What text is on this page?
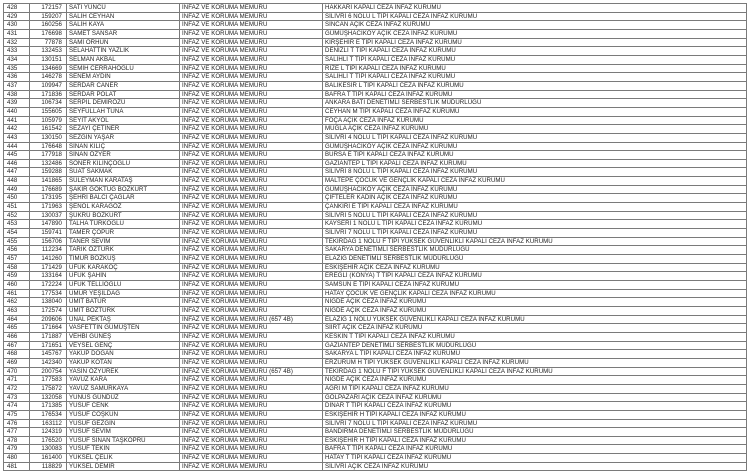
428	172157	SATI YÜNCÜ	İNFAZ VE KORUMA MEMURU	HAKKARİ KAPALI CEZA İNFAZ KURUMU
429	159207	SALİH CEYHAN	İNFAZ VE KORUMA MEMURU	SİLİVRİ 6 NOLU L TİPİ KAPALI CEZA İNFAZ KURUMU
430	160256	SALİH KAYA	İNFAZ VE KORUMA MEMURU	SİNCAN AÇIK CEZA İNFAZ KURUMU
431	176698	SAMET SANSAR	İNFAZ VE KORUMA MEMURU	GÜMÜŞHACIKÖY AÇIK CEZA İNFAZ KURUMU
432	77878	SAMİ ORHUN	İNFAZ VE KORUMA MEMURU	KIRŞEHİR E TİPİ KAPALI CEZA İNFAZ KURUMU
433	132453	SELAHATTİN YAZLIK	İNFAZ VE KORUMA MEMURU	DENİZLİ T TİPİ KAPALI CEZA İNFAZ KURUMU
434	130151	SELMAN AKBAL	İNFAZ VE KORUMA MEMURU	SALİHLİ T TİPİ KAPALI CEZA İNFAZ KURUMU
435	134669	SEMİH CERRAHOĞLU	İNFAZ VE KORUMA MEMURU	RİZE L TİPİ KAPALI CEZA İNFAZ KURUMU
436	146278	SENEM AYDIN	İNFAZ VE KORUMA MEMURU	SALİHLİ T TİPİ KAPALI CEZA İNFAZ KURUMU
437	109947	SERDAR CANER	İNFAZ VE KORUMA MEMURU	BALIKESİR L TİPİ KAPALI CEZA İNFAZ KURUMU
438	171836	SERDAR POLAT	İNFAZ VE KORUMA MEMURU	BAFRA T TİPİ KAPALI CEZA İNFAZ KURUMU
439	106734	SERPİL DEMİRÖZÜ	İNFAZ VE KORUMA MEMURU	ANKARA BATI DENETİMLİ SERBESTLİK MÜDÜRLÜĞÜ
440	155605	SEYFULLAH TUNA	İNFAZ VE KORUMA MEMURU	CEYHAN M TİPİ KAPALI CEZA İNFAZ KURUMU
441	105979	SEYİT AKYOL	İNFAZ VE KORUMA MEMURU	FOÇA AÇIK CEZA İNFAZ KURUMU
442	161542	SEZAYİ ÇETİNER	İNFAZ VE KORUMA MEMURU	MUĞLA AÇIK CEZA İNFAZ KURUMU
443	130150	SEZGİN YAŞAR	İNFAZ VE KORUMA MEMURU	SİLİVRİ 4 NOLU L TİPİ KAPALI CEZA İNFAZ KURUMU
444	176648	SİNAN KILIÇ	İNFAZ VE KORUMA MEMURU	GÜMÜŞHACIKÖY AÇIK CEZA İNFAZ KURUMU
445	177918	SİNAN ÖZYER	İNFAZ VE KORUMA MEMURU	BURSA E TİPİ KAPALI CEZA İNFAZ KURUMU
446	132486	SONER KILINÇOĞLU	İNFAZ VE KORUMA MEMURU	GAZİANTEP L TİPİ KAPALI CEZA İNFAZ KURUMU
447	159288	SUAT SAKMAK	İNFAZ VE KORUMA MEMURU	SİLİVRİ 8 NOLU L TİPİ KAPALI CEZA İNFAZ KURUMU
448	141865	SÜLEYMAN KARATAŞ	İNFAZ VE KORUMA MEMURU	MALTEPE ÇOCUK VE GENÇLİK KAPALI CEZA İNFAZ KURUMU
449	176689	ŞAKİR GÖKTUĞ BOZKURT	İNFAZ VE KORUMA MEMURU	GÜMÜŞHACIKÖY AÇIK CEZA İNFAZ KURUMU
450	173195	ŞEHRİ BALCI ÇAĞLAR	İNFAZ VE KORUMA MEMURU	ÇİFTELER KADIN AÇIK CEZA İNFAZ KURUMU
451	171963	ŞENOL KARAGÖZ	İNFAZ VE KORUMA MEMURU	ÇANKIRI E TİPİ KAPALI CEZA İNFAZ KURUMU
452	130037	ŞÜKRÜ BOZKURT	İNFAZ VE KORUMA MEMURU	SİLİVRİ 5 NOLU L TİPİ KAPALI CEZA İNFAZ KURUMU
453	147890	TALHA TÜRKOĞLU	İNFAZ VE KORUMA MEMURU	KAYSERİ 1 NOLU L TİPİ KAPALI CEZA İNFAZ KURUMU
454	159741	TAMER ÇOPUR	İNFAZ VE KORUMA MEMURU	SİLİVRİ 7 NOLU L TİPİ KAPALI CEZA İNFAZ KURUMU
455	156706	TANER SEVİM	İNFAZ VE KORUMA MEMURU	TEKİRDAĞ 1 NOLU F TİPİ YÜKSEK GÜVENLİKLİ KAPALI CEZA İNFAZ KURUMU
456	112234	TARIK ÖZTÜRK	İNFAZ VE KORUMA MEMURU	SAKARYA DENETİMLİ SERBESTLİK MÜDÜRLÜĞÜ
457	141260	TİMUR BOZKUŞ	İNFAZ VE KORUMA MEMURU	ELAZIĞ DENETİMLİ SERBESTLİK MÜDÜRLÜĞÜ
458	171429	UFUK KARAKOÇ	İNFAZ VE KORUMA MEMURU	ESKİŞEHİR AÇIK CEZA İNFAZ KURUMU
459	133164	UFUK ŞAHİN	İNFAZ VE KORUMA MEMURU	EREĞLİ (KONYA) T TİPİ KAPALI CEZA İNFAZ KURUMU
460	172224	UFUK TELLİOĞLU	İNFAZ VE KORUMA MEMURU	SAMSUN E TİPİ KAPALI CEZA İNFAZ KURUMU
461	177534	UMUR YEŞİLDAĞ	İNFAZ VE KORUMA MEMURU	HATAY ÇOCUK VE GENÇLİK KAPALI CEZA İNFAZ KURUMU
462	138040	ÜMİT BATUR	İNFAZ VE KORUMA MEMURU	NİĞDE AÇIK CEZA İNFAZ KURUMU
463	172574	ÜMİT BOZTÜRK	İNFAZ VE KORUMA MEMURU	NİĞDE AÇIK CEZA İNFAZ KURUMU
464	209606	ÜNAL PEKTAŞ	İNFAZ VE KORUMA MEMURU (657 4B)	ELAZIĞ 1 NOLU YÜKSEK GÜVENLİKLİ KAPALI CEZA İNFAZ KURUMU
465	171664	VASFETTİN GÜMÜŞTEN	İNFAZ VE KORUMA MEMURU	SİİRT AÇIK CEZA İNFAZ KURUMU
466	171887	VEHBİ GÜNEŞ	İNFAZ VE KORUMA MEMURU	KESKİN T TİPİ KAPALI CEZA İNFAZ KURUMU
467	171651	VEYSEL GENÇ	İNFAZ VE KORUMA MEMURU	GAZİANTEP DENETİMLİ SERBESTLİK MÜDÜRLÜĞÜ
468	145767	YAKUP DOĞAN	İNFAZ VE KORUMA MEMURU	SAKARYA L TİPİ KAPALI CEZA İNFAZ KURUMU
469	142340	YAKUP KOTAN	İNFAZ VE KORUMA MEMURU	ERZURUM H TİPİ YÜKSEK GÜVENLİKLİ KAPALI CEZA İNFAZ KURUMU
470	200754	YASİN ÖZYÜREK	İNFAZ VE KORUMA MEMURU (657 4B)	TEKİRDAĞ 1 NOLU F TİPİ YÜKSEK GÜVENLİKLİ KAPALI CEZA İNFAZ KURUMU
471	177583	YAVUZ KARA	İNFAZ VE KORUMA MEMURU	NİĞDE AÇIK CEZA İNFAZ KURUMU
472	175872	YAVUZ SAMURKAYA	İNFAZ VE KORUMA MEMURU	AĞRI M TİPİ KAPALI CEZA İNFAZ KURUMU
473	132058	YUNUS GÜNDÜZ	İNFAZ VE KORUMA MEMURU	GÖLPAZARI AÇIK CEZA İNFAZ KURUMU
474	171385	YUSUF CENK	İNFAZ VE KORUMA MEMURU	DİNAR T TİPİ KAPALI CEZA İNFAZ KURUMU
475	176534	YUSUF COŞKUN	İNFAZ VE KORUMA MEMURU	ESKİŞEHİR H TİPİ KAPALI CEZA İNFAZ KURUMU
476	163112	YUSUF GEZGİN	İNFAZ VE KORUMA MEMURU	SİLİVRİ 7 NOLU L TİPİ KAPALI CEZA İNFAZ KURUMU
477	124319	YUSUF SEVİM	İNFAZ VE KORUMA MEMURU	BANDIRMA DENETİMLİ SERBESTLİK MÜDÜRLÜĞÜ
478	176520	YUSUF SİNAN TAŞKÖPRÜ	İNFAZ VE KORUMA MEMURU	ESKİŞEHİR H TİPİ KAPALI CEZA İNFAZ KURUMU
479	130083	YUSUF TEKİN	İNFAZ VE KORUMA MEMURU	BAFRA T TİPİ KAPALI CEZA İNFAZ KURUMU
480	161400	YÜKSEL ÇELİK	İNFAZ VE KORUMA MEMURU	HATAY T TİPİ KAPALI CEZA İNFAZ KURUMU
481	118829	YÜKSEL DEMİR	İNFAZ VE KORUMA MEMURU	SİLİVRİ AÇIK CEZA İNFAZ KURUMU
